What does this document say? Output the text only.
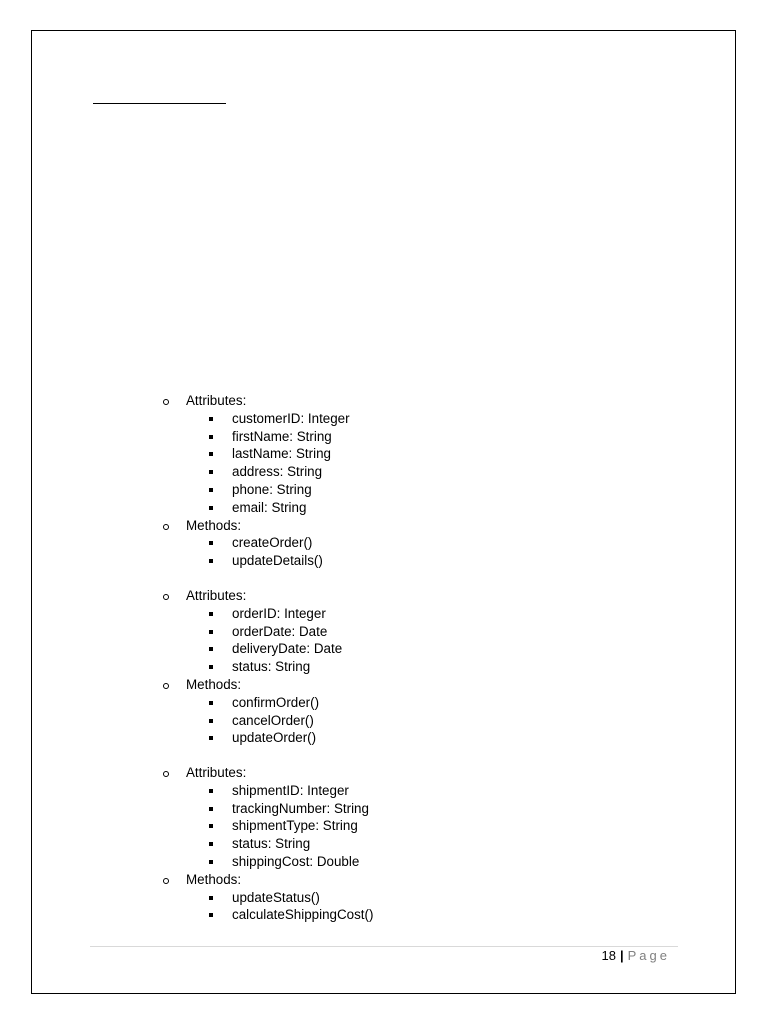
Attributes:
customerID: Integer
firstName: String
lastName: String
address: String
phone: String
email: String
Methods:
createOrder()
updateDetails()
Attributes:
orderID: Integer
orderDate: Date
deliveryDate: Date
status: String
Methods:
confirmOrder()
cancelOrder()
updateOrder()
Attributes:
shipmentID: Integer
trackingNumber: String
shipmentType: String
status: String
shippingCost: Double
Methods:
updateStatus()
calculateShippingCost()
18 | Page
